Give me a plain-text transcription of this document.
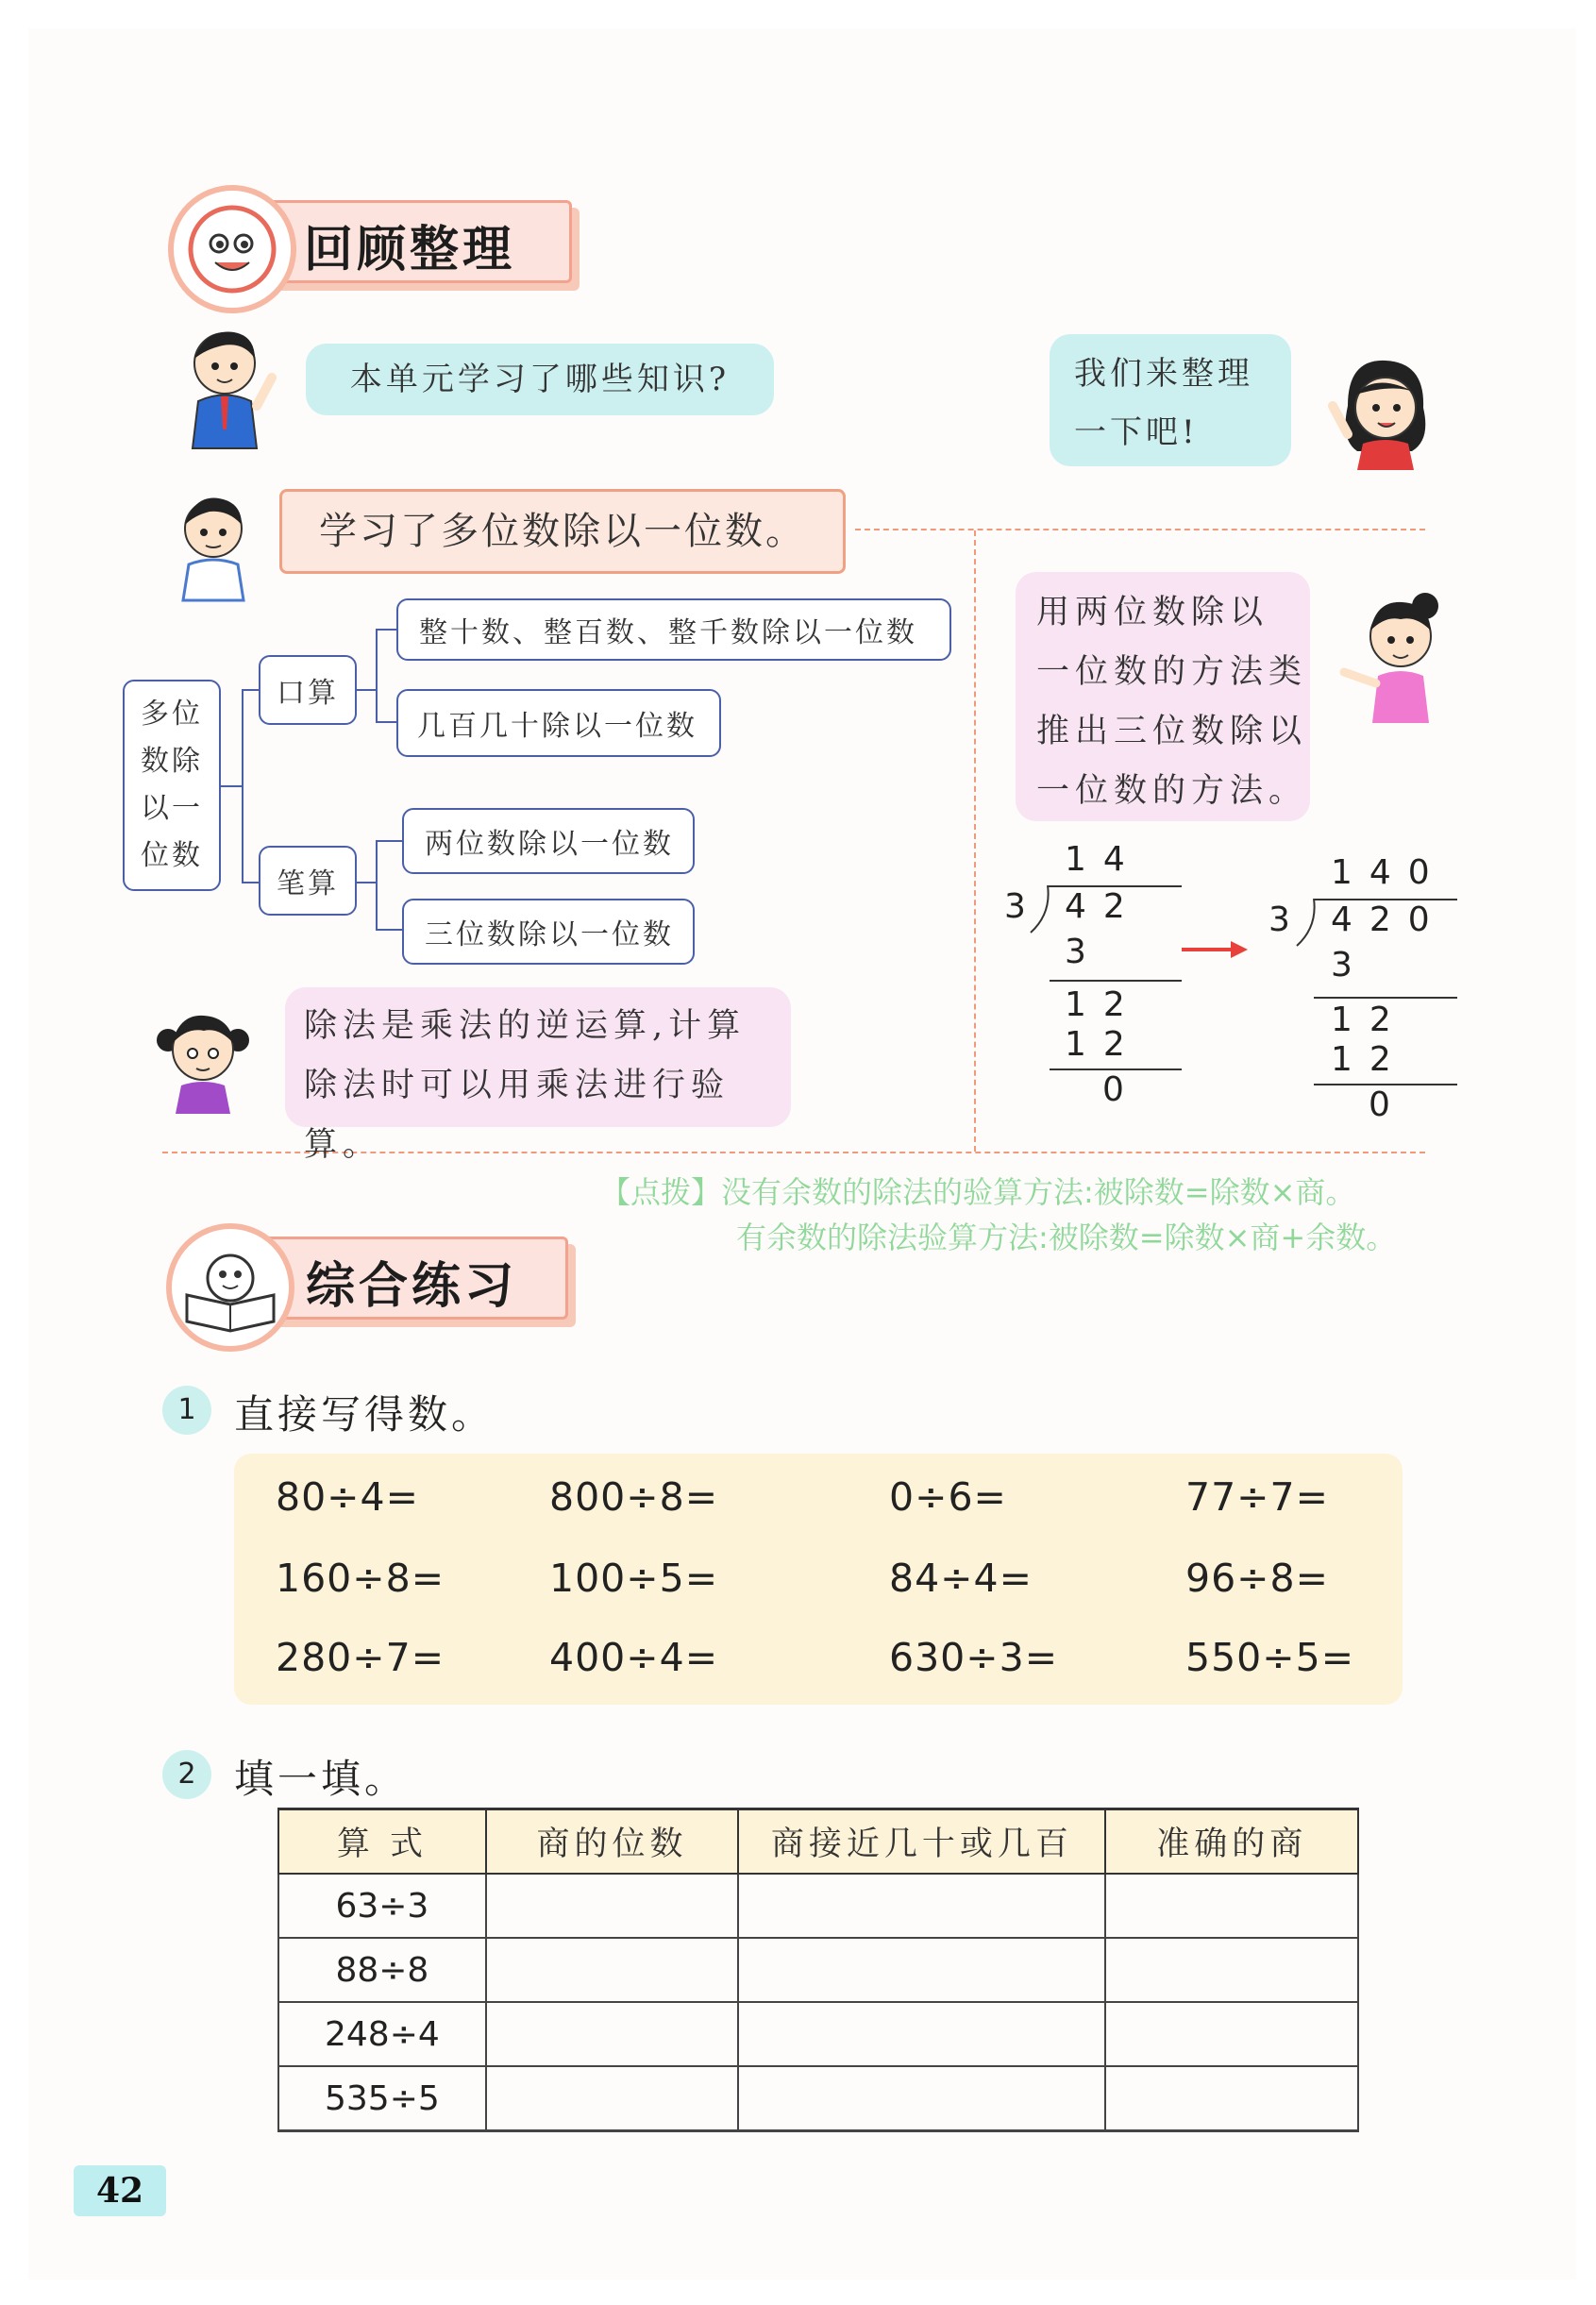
回顾整理
本单元学习了哪些知识?	我们来整理
一下吧!
学习了多位数除以一位数。
多位
数除
以一
位数
口算
笔算
整十数、整百数、整千数除以一位数
几百几十除以一位数
两位数除以一位数
三位数除以一位数
除法是乘法的逆运算,计算
除法时可以用乘法进行验算。
用两位数除以
一位数的方法类
推出三位数除以
一位数的方法。
14
3 42
3
12
12
0
140
3 420
3
12
12
0
【点拨】没有余数的除法的验算方法:被除数=除数×商。
有余数的除法验算方法:被除数=除数×商+余数。
综合练习
1 直接写得数。
80÷4=	800÷8=	0÷6=	77÷7=
160÷8=	100÷5=	84÷4=	96÷8=
280÷7=	400÷4=	630÷3=	550÷5=
2 填一填。
算 式	商的位数	商接近几十或几百	准确的商
63÷3			
88÷8			
248÷4			
535÷5			
42
